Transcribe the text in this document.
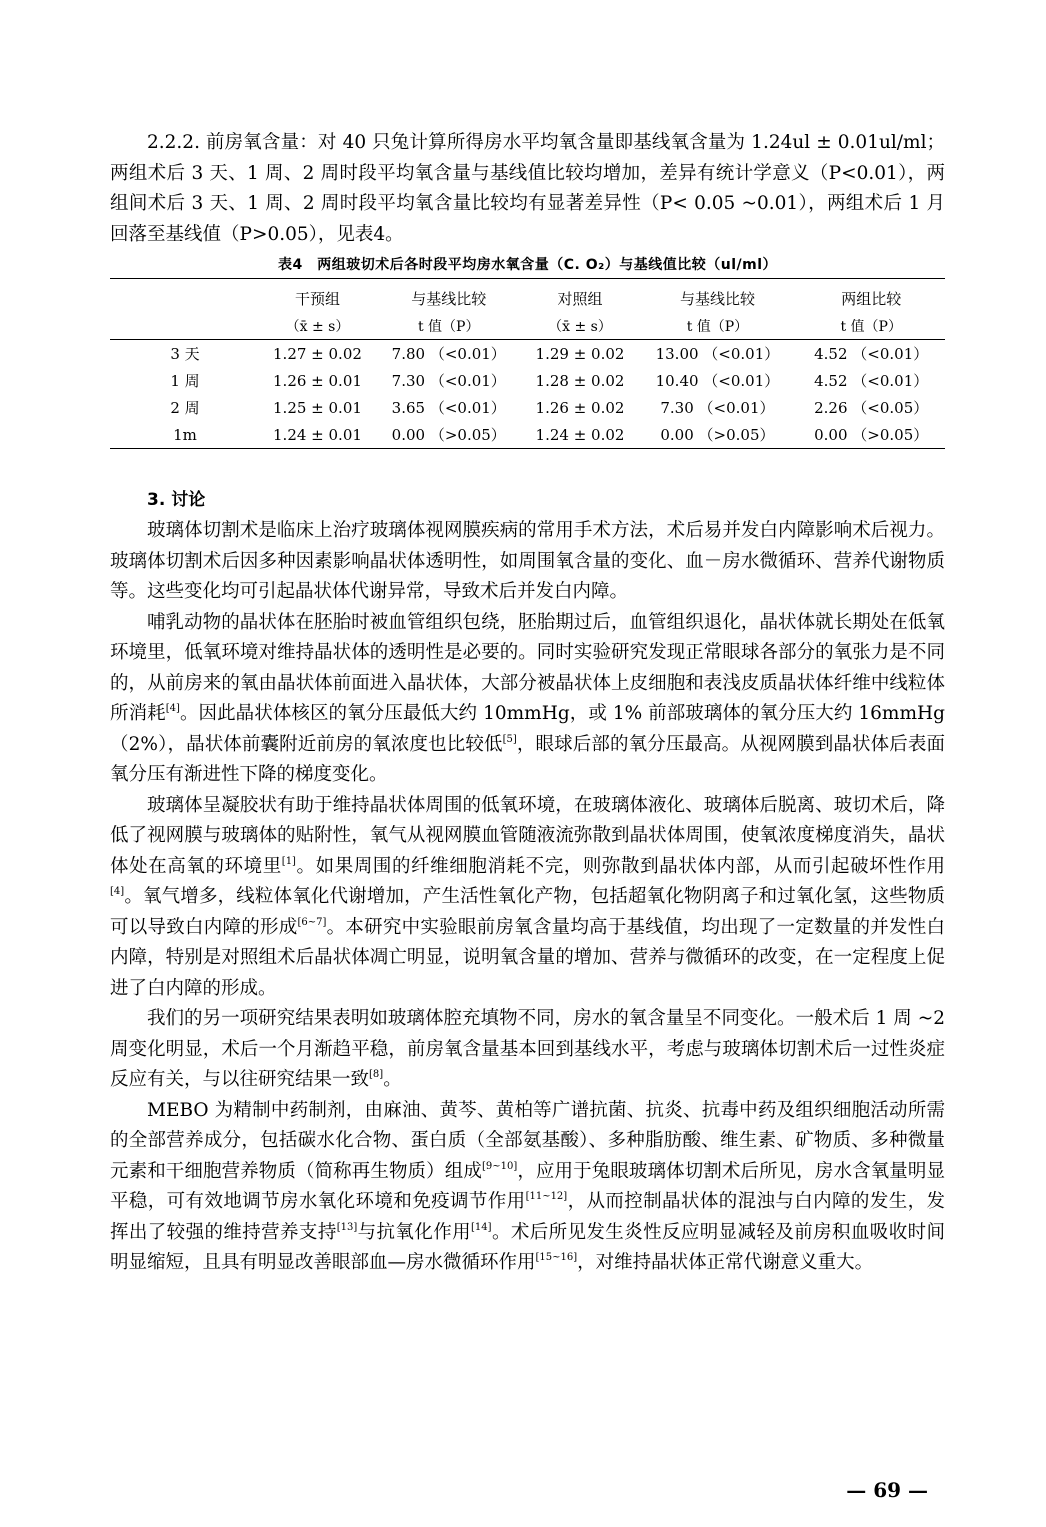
2.2.2. 前房氧含量：对 40 只兔计算所得房水平均氧含量即基线氧含量为 1.24ul ± 0.01ul/ml；两组术后 3 天、1 周、2 周时段平均氧含量与基线值比较均增加，差异有统计学意义（P<0.01），两组间术后 3 天、1 周、2 周时段平均氧含量比较均有显著差异性（P< 0.05 ~0.01），两组术后 1 月回落至基线值（P>0.05），见表4。

表4　两组玻切术后各时段平均房水氧含量（C. O₂）与基线值比较（ul/ml）
	干预组	与基线比较	对照组	与基线比较	两组比较
	（x̄ ± s）	t 值（P）	（x̄ ± s）	t 值（P）	t 值（P）
3 天	1.27 ± 0.02	7.80 （<0.01）	1.29 ± 0.02	13.00 （<0.01）	4.52 （<0.01）
1 周	1.26 ± 0.01	7.30 （<0.01）	1.28 ± 0.02	10.40 （<0.01）	4.52 （<0.01）
2 周	1.25 ± 0.01	3.65 （<0.01）	1.26 ± 0.02	7.30 （<0.01）	2.26 （<0.05）
1m	1.24 ± 0.01	0.00 （>0.05）	1.24 ± 0.02	0.00 （>0.05）	0.00 （>0.05）
3. 讨论

玻璃体切割术是临床上治疗玻璃体视网膜疾病的常用手术方法，术后易并发白内障影响术后视力。玻璃体切割术后因多种因素影响晶状体透明性，如周围氧含量的变化、血－房水微循环、营养代谢物质等。这些变化均可引起晶状体代谢异常，导致术后并发白内障。

哺乳动物的晶状体在胚胎时被血管组织包绕，胚胎期过后，血管组织退化，晶状体就长期处在低氧环境里，低氧环境对维持晶状体的透明性是必要的。同时实验研究发现正常眼球各部分的氧张力是不同的，从前房来的氧由晶状体前面进入晶状体，大部分被晶状体上皮细胞和表浅皮质晶状体纤维中线粒体所消耗[4]。因此晶状体核区的氧分压最低大约 10mmHg，或 1% 前部玻璃体的氧分压大约 16mmHg（2%），晶状体前囊附近前房的氧浓度也比较低[5]，眼球后部的氧分压最高。从视网膜到晶状体后表面氧分压有渐进性下降的梯度变化。

玻璃体呈凝胶状有助于维持晶状体周围的低氧环境，在玻璃体液化、玻璃体后脱离、玻切术后，降低了视网膜与玻璃体的贴附性，氧气从视网膜血管随液流弥散到晶状体周围，使氧浓度梯度消失，晶状体处在高氧的环境里[1]。如果周围的纤维细胞消耗不完，则弥散到晶状体内部，从而引起破坏性作用[4]。氧气增多，线粒体氧化代谢增加，产生活性氧化产物，包括超氧化物阴离子和过氧化氢，这些物质可以导致白内障的形成[6~7]。本研究中实验眼前房氧含量均高于基线值，均出现了一定数量的并发性白内障，特别是对照组术后晶状体凋亡明显，说明氧含量的增加、营养与微循环的改变，在一定程度上促进了白内障的形成。

我们的另一项研究结果表明如玻璃体腔充填物不同，房水的氧含量呈不同变化。一般术后 1 周 ~2 周变化明显，术后一个月渐趋平稳，前房氧含量基本回到基线水平，考虑与玻璃体切割术后一过性炎症反应有关，与以往研究结果一致[8]。

MEBO 为精制中药制剂，由麻油、黄芩、黄柏等广谱抗菌、抗炎、抗毒中药及组织细胞活动所需的全部营养成分，包括碳水化合物、蛋白质（全部氨基酸）、多种脂肪酸、维生素、矿物质、多种微量元素和干细胞营养物质（简称再生物质）组成[9~10]，应用于兔眼玻璃体切割术后所见，房水含氧量明显平稳，可有效地调节房水氧化环境和免疫调节作用[11~12]，从而控制晶状体的混浊与白内障的发生，发挥出了较强的维持营养支持[13]与抗氧化作用[14]。术后所见发生炎性反应明显减轻及前房积血吸收时间明显缩短，且具有明显改善眼部血—房水微循环作用[15~16]，对维持晶状体正常代谢意义重大。

— 69 —
